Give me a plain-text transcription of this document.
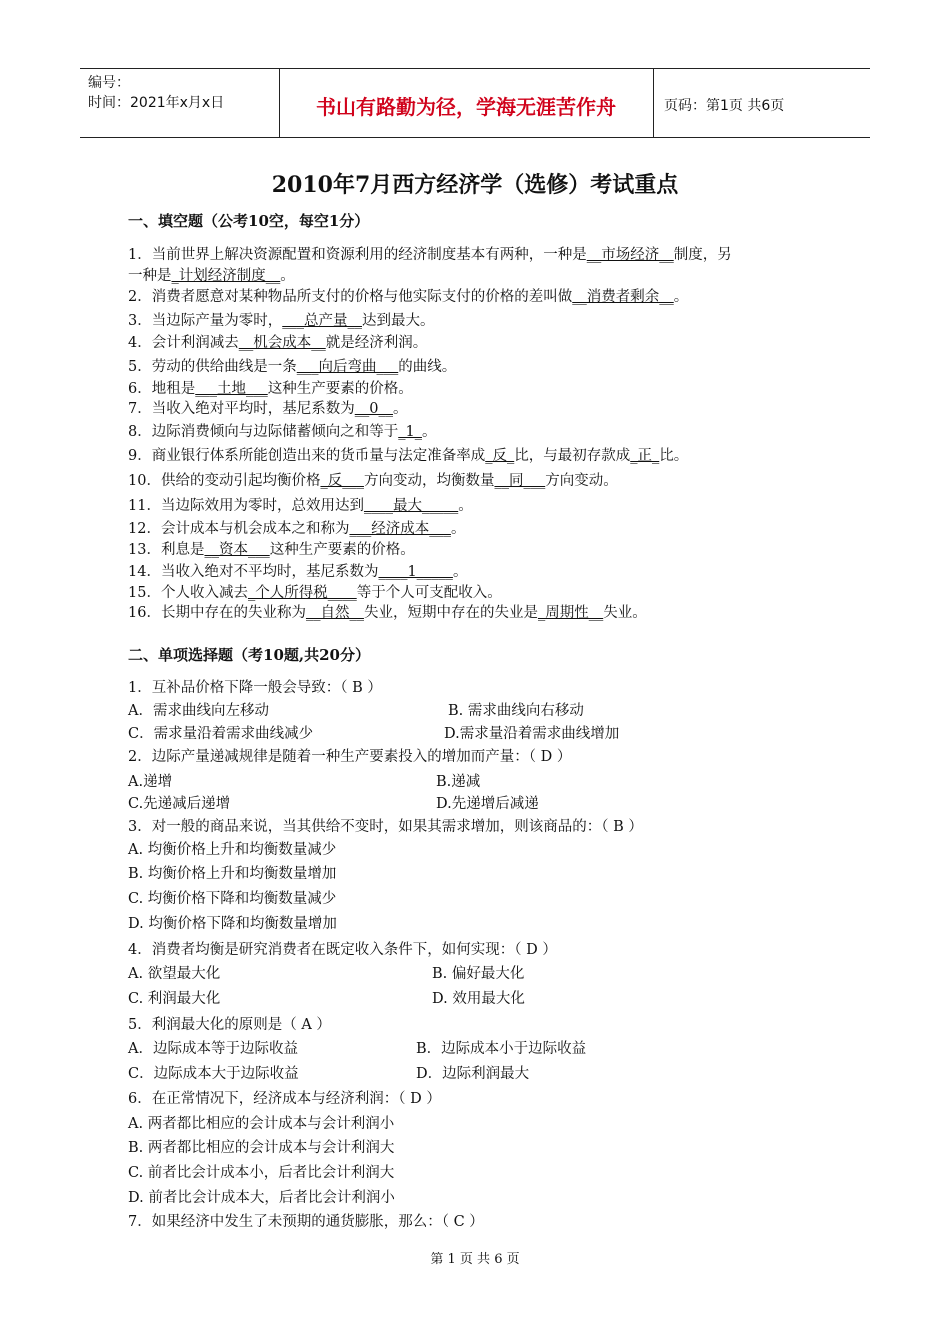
编号：
时间：2021年x月x日	书山有路勤为径，学海无涯苦作舟	页码：第1页 共6页
2010年7月西方经济学（选修）考试重点
一、填空题（公考10空，每空1分）
1．当前世界上解决资源配置和资源利用的经济制度基本有两种，一种是__市场经济__制度，另
一种是_计划经济制度__。
2．消费者愿意对某种物品所支付的价格与他实际支付的价格的差叫做__消费者剩余__。
3．当边际产量为零时，___总产量__达到最大。
4．会计利润减去__机会成本__就是经济利润。
5．劳动的供给曲线是一条___向后弯曲___的曲线。
6．地租是___土地___这种生产要素的价格。
7．当收入绝对平均时，基尼系数为__0__。
8．边际消费倾向与边际储蓄倾向之和等于_1_。
9．商业银行体系所能创造出来的货币量与法定准备率成_反_比，与最初存款成_正_比。
10．供给的变动引起均衡价格_反___方向变动，均衡数量__同___方向变动。
11．当边际效用为零时，总效用达到____最大_____。
12．会计成本与机会成本之和称为___经济成本___。
13．利息是__资本___这种生产要素的价格。
14．当收入绝对不平均时，基尼系数为____1_____。
15．个人收入减去_个人所得税____等于个人可支配收入。
16．长期中存在的失业称为__自然__失业，短期中存在的失业是_周期性__失业。
二、单项选择题（考10题,共20分）
1．互补品价格下降一般会导致：（ B ）
A．需求曲线向左移动	B. 需求曲线向右移动
C．需求量沿着需求曲线减少	D.需求量沿着需求曲线增加
2．边际产量递减规律是随着一种生产要素投入的增加而产量：（ D ）
A.递增	B.递减
C.先递减后递增	D.先递增后减递
3．对一般的商品来说，当其供给不变时，如果其需求增加，则该商品的：（ B ）
A. 均衡价格上升和均衡数量减少
B. 均衡价格上升和均衡数量增加
C. 均衡价格下降和均衡数量减少
D. 均衡价格下降和均衡数量增加
4．消费者均衡是研究消费者在既定收入条件下，如何实现：（ D ）
A. 欲望最大化	B. 偏好最大化
C. 利润最大化	D. 效用最大化
5．利润最大化的原则是（ A ）
A．边际成本等于边际收益	B．边际成本小于边际收益
C．边际成本大于边际收益	D．边际利润最大
6．在正常情况下，经济成本与经济利润：（ D ）
A. 两者都比相应的会计成本与会计利润小
B. 两者都比相应的会计成本与会计利润大
C. 前者比会计成本小，后者比会计利润大
D. 前者比会计成本大，后者比会计利润小
7．如果经济中发生了未预期的通货膨胀，那么：（ C ）
第 1 页 共 6 页
